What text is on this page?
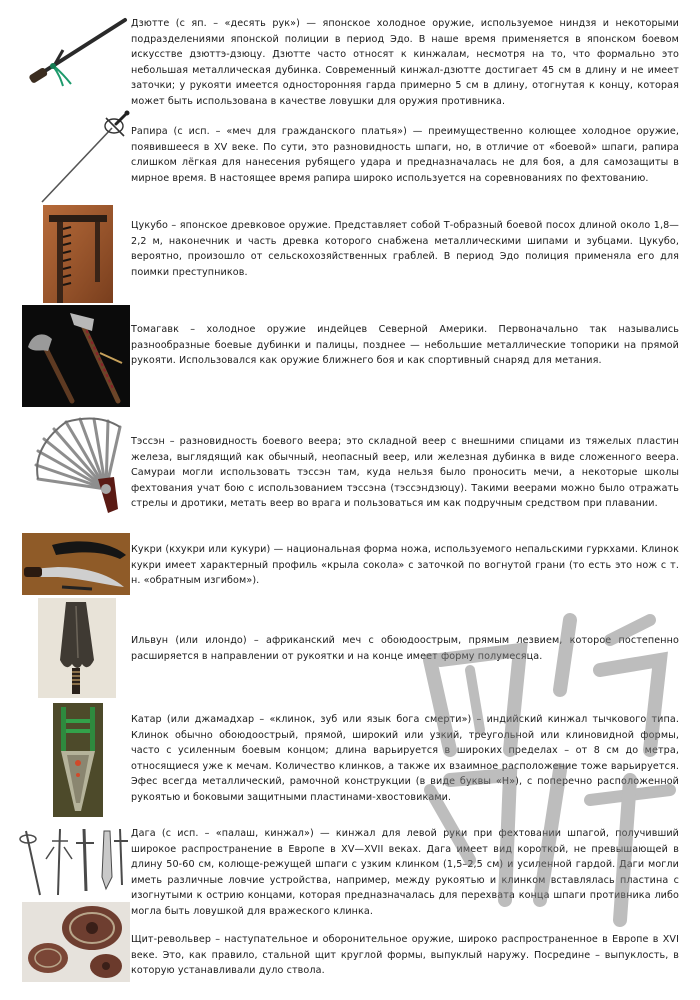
Дзютте (с яп. – «десять рук») — японское холодное оружие, используемое ниндзя и некоторыми подразделениями японской полиции в период Эдо. В наше время применяется в японском боевом искусстве дзюттэ-дзюцу. Дзютте часто относят к кинжалам, несмотря на то, что формально это небольшая металлическая дубинка. Современный кинжал-дзютте достигает 45 см в длину и не имеет заточки; у рукояти имеется односторонняя гарда примерно 5 см в длину, отогнутая к концу, которая может быть использована в качестве ловушки для оружия противника.

Рапира (с исп. – «меч для гражданского платья») — преимущественно колющее холодное оружие, появившееся в XV веке. По сути, это разновидность шпаги, но, в отличие от «боевой» шпаги, рапира слишком лёгкая для нанесения рубящего удара и предназначалась не для боя, а для самозащиты в мирное время. В настоящее время рапира широко используется на соревнованиях по фехтованию.

Цукубо – японское древковое оружие. Представляет собой Т-образный боевой посох длиной около 1,8—2,2 м, наконечник и часть древка которого снабжена металлическими шипами и зубцами. Цукубо, вероятно, произошло от сельскохозяйственных граблей. В период Эдо полиция применяла его для поимки преступников.

Томагавк – холодное оружие индейцев Северной Америки. Первоначально так назывались разнообразные боевые дубинки и палицы, позднее — небольшие металлические топорики на прямой рукояти. Использовался как оружие ближнего боя и как спортивный снаряд для метания.

Тэссэн – разновидность боевого веера; это складной веер с внешними спицами из тяжелых пластин железа, выглядящий как обычный, неопасный веер, или железная дубинка в виде сложенного веера. Самураи могли использовать тэссэн там, куда нельзя было проносить мечи, а некоторые школы фехтования учат бою с использованием тэссэна (тэссэндзюцу). Такими веерами можно было отражать стрелы и дротики, метать веер во врага и пользоваться им как подручным средством при плавании.

Кукри (кхукри или кукури) — национальная форма ножа, используемого непальскими гуркхами. Клинок кукри имеет характерный профиль «крыла сокола» с заточкой по вогнутой грани (то есть это нож с т. н. «обратным изгибом»).

Ильвун (или илондо) – африканский меч с обоюдоострым, прямым лезвием, которое постепенно расширяется в направлении от рукоятки и на конце имеет форму полумесяца.

Катар (или джамадхар – «клинок, зуб или язык бога смерти») – индийский кинжал тычкового типа. Клинок обычно обоюдоострый, прямой, широкий или узкий, треугольной или клиновидной формы, часто с усиленным боевым концом; длина варьируется в широких пределах – от 8 см до метра, относящиеся уже к мечам. Количество клинков, а также их взаимное расположение тоже варьируется. Эфес всегда металлический, рамочной конструкции (в виде буквы «Н»), с поперечно расположенной рукоятью и боковыми защитными пластинами-хвостовиками.

Дага (с исп. – «палаш, кинжал») — кинжал для левой руки при фехтовании шпагой, получивший широкое распространение в Европе в XV—XVII веках. Дага имеет вид короткой, не превышающей в длину 50-60 см, колюще-режущей шпаги с узким клинком (1,5–2,5 см) и усиленной гардой. Даги могли иметь различные ловчие устройства, например, между рукоятью и клинком вставлялась пластина с изогнутыми к острию концами, которая предназначалась для перехвата конца шпаги противника либо могла быть ловушкой для вражеского клинка.

Щит-револьвер – наступательное и оборонительное оружие, широко распространенное в Европе в XVI веке. Это, как правило, стальной щит круглой формы, выпуклый наружу. Посредине – выпуклость, в которую устанавливали дуло ствола.
